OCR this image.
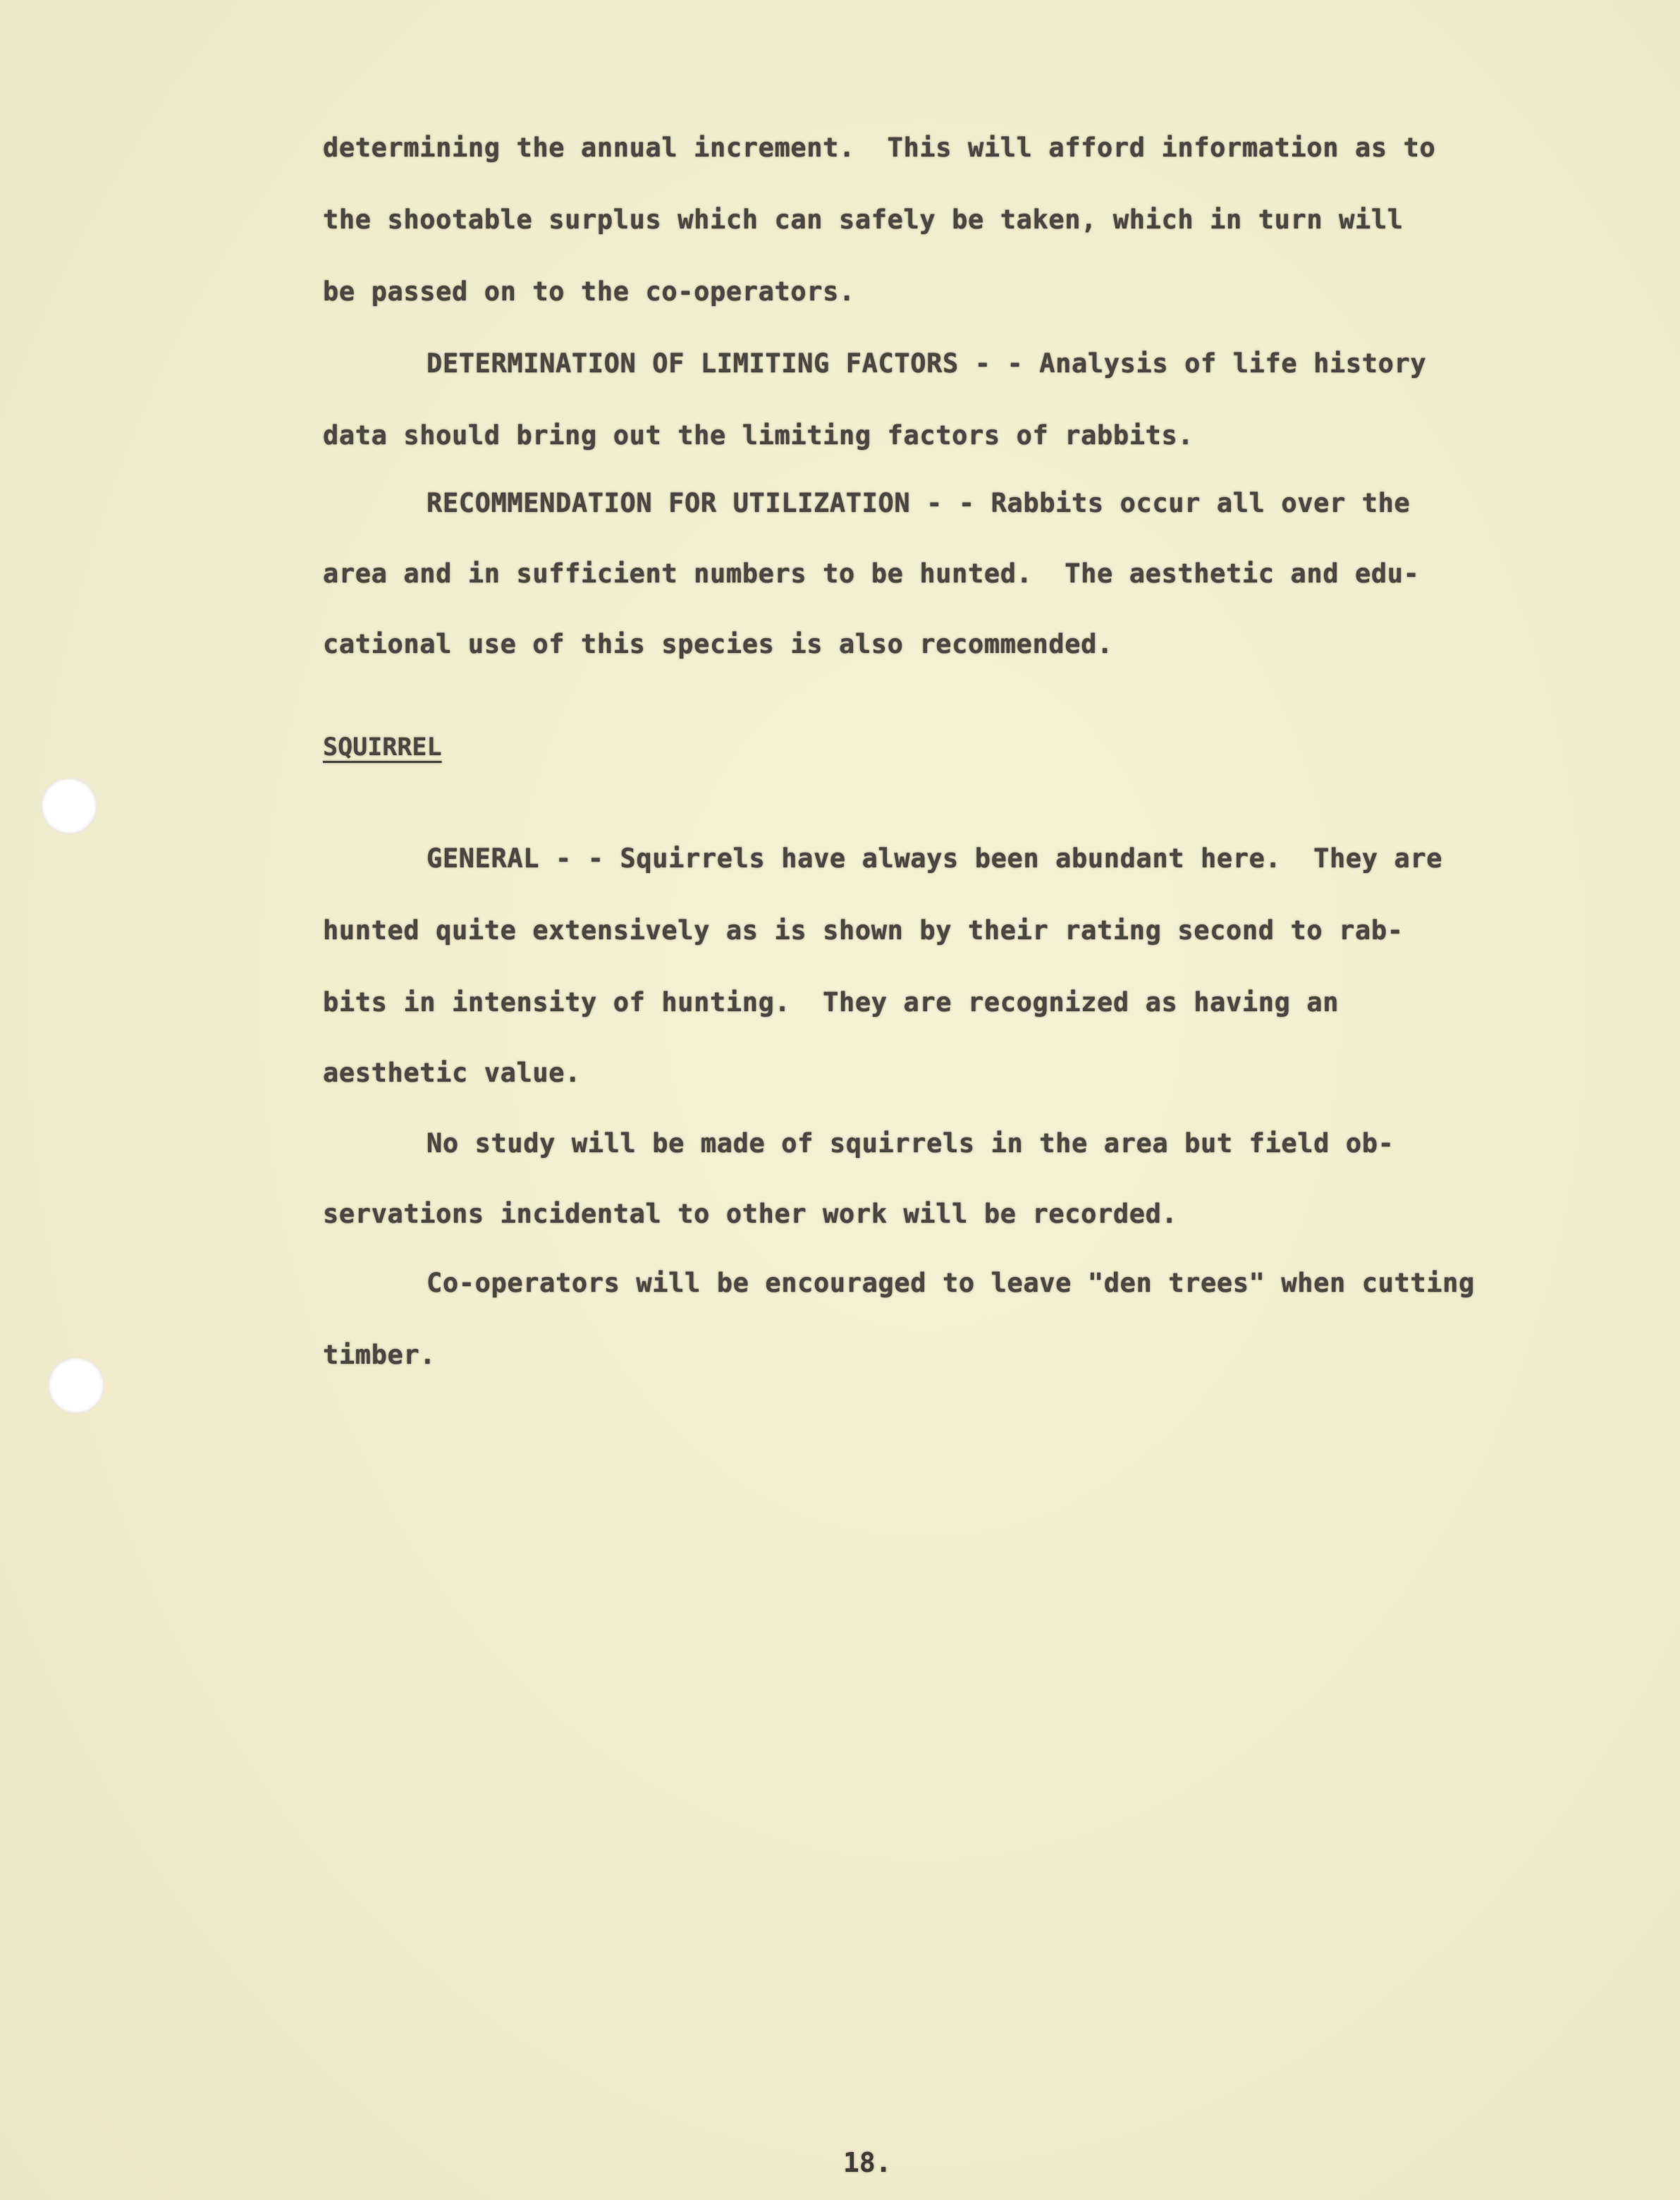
determining the annual increment.  This will afford information as to

the shootable surplus which can safely be taken, which in turn will

be passed on to the co-operators.

DETERMINATION OF LIMITING FACTORS - - Analysis of life history

data should bring out the limiting factors of rabbits.

RECOMMENDATION FOR UTILIZATION - - Rabbits occur all over the

area and in sufficient numbers to be hunted.  The aesthetic and edu-

cational use of this species is also recommended.

SQUIRREL

GENERAL - - Squirrels have always been abundant here.  They are

hunted quite extensively as is shown by their rating second to rab-

bits in intensity of hunting.  They are recognized as having an

aesthetic value.

No study will be made of squirrels in the area but field ob-

servations incidental to other work will be recorded.

Co-operators will be encouraged to leave "den trees" when cutting

timber.

18.
